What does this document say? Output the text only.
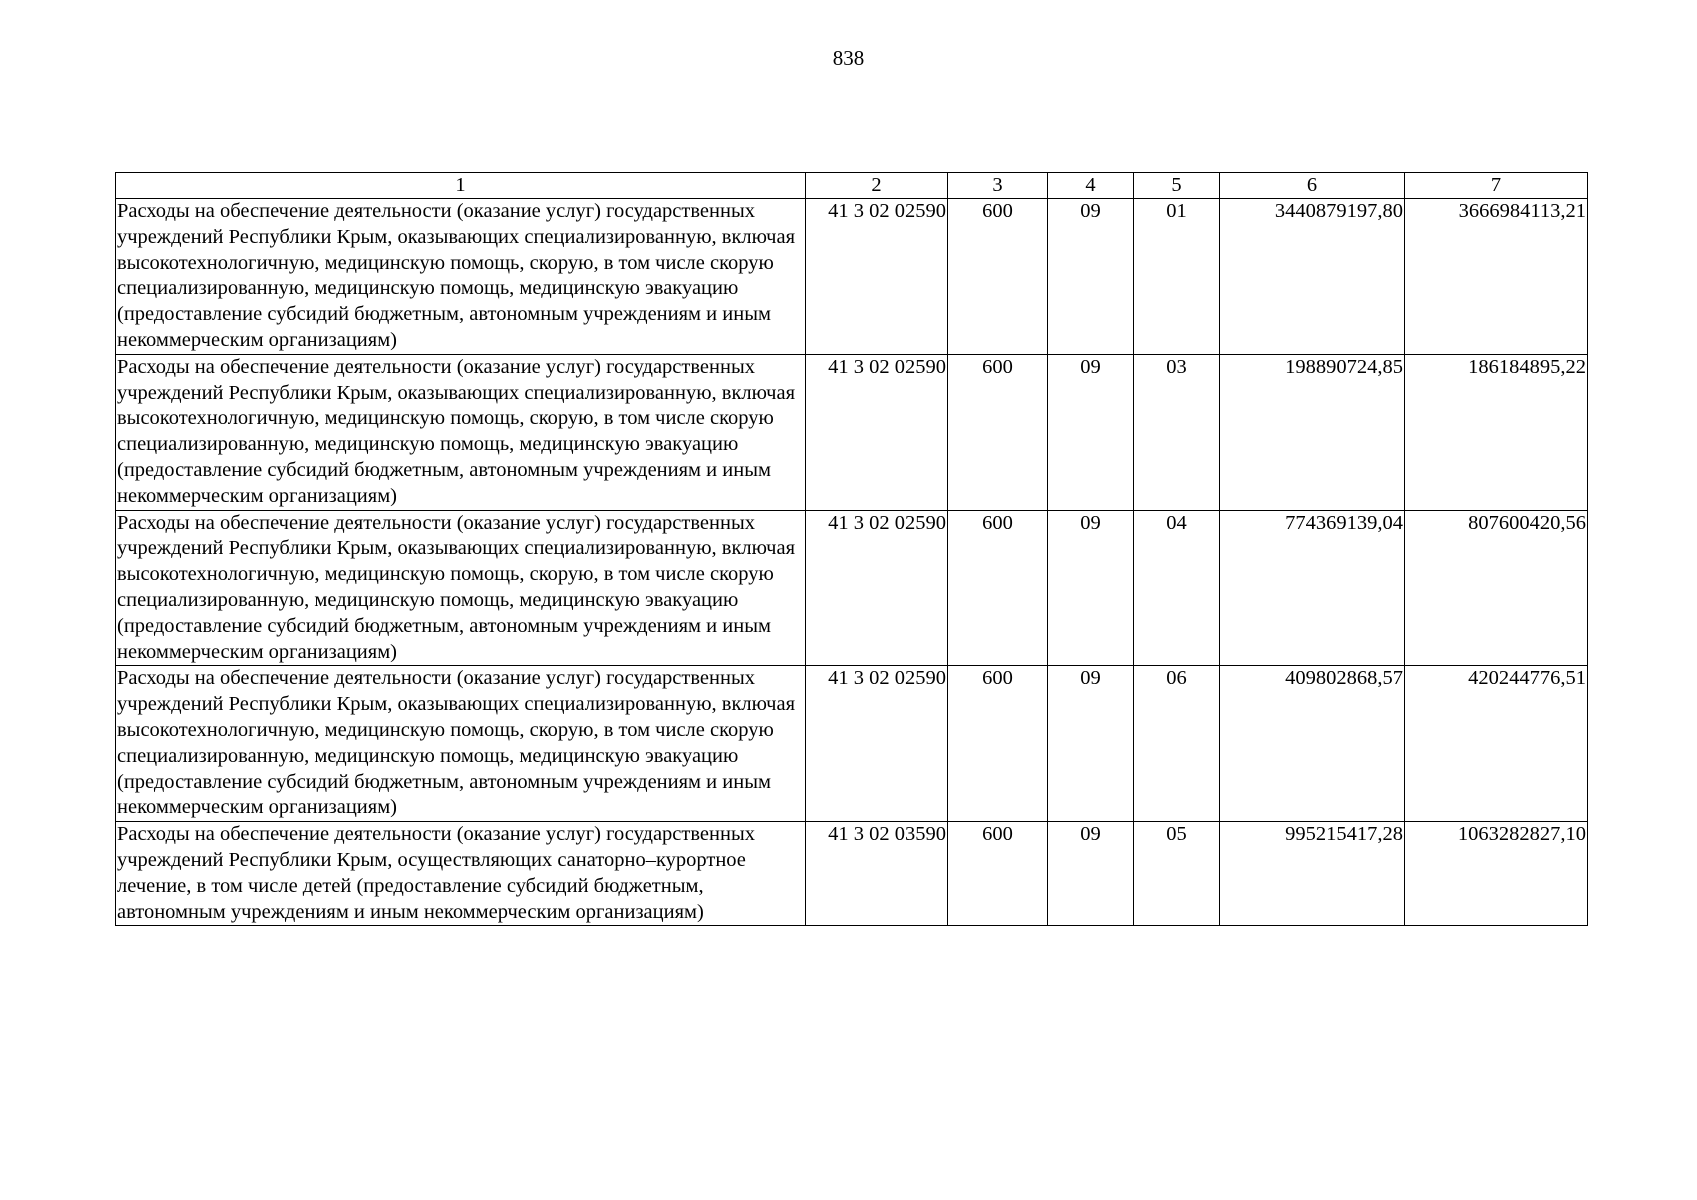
838
1	2	3	4	5	6	7
Расходы на обеспечение деятельности (оказание услуг) государственных учреждений Республики Крым, оказывающих специализированную, включая высокотехнологичную, медицинскую помощь, скорую, в том числе скорую специализированную, медицинскую помощь, медицинскую эвакуацию (предоставление субсидий бюджетным, автономным учреждениям и иным некоммерческим организациям)	41 3 02 02590	600	09	01	3440879197,80	3666984113,21
Расходы на обеспечение деятельности (оказание услуг) государственных учреждений Республики Крым, оказывающих специализированную, включая высокотехнологичную, медицинскую помощь, скорую, в том числе скорую специализированную, медицинскую помощь, медицинскую эвакуацию (предоставление субсидий бюджетным, автономным учреждениям и иным некоммерческим организациям)	41 3 02 02590	600	09	03	198890724,85	186184895,22
Расходы на обеспечение деятельности (оказание услуг) государственных учреждений Республики Крым, оказывающих специализированную, включая высокотехнологичную, медицинскую помощь, скорую, в том числе скорую специализированную, медицинскую помощь, медицинскую эвакуацию (предоставление субсидий бюджетным, автономным учреждениям и иным некоммерческим организациям)	41 3 02 02590	600	09	04	774369139,04	807600420,56
Расходы на обеспечение деятельности (оказание услуг) государственных учреждений Республики Крым, оказывающих специализированную, включая высокотехнологичную, медицинскую помощь, скорую, в том числе скорую специализированную, медицинскую помощь, медицинскую эвакуацию (предоставление субсидий бюджетным, автономным учреждениям и иным некоммерческим организациям)	41 3 02 02590	600	09	06	409802868,57	420244776,51
Расходы на обеспечение деятельности (оказание услуг) государственных учреждений Республики Крым, осуществляющих санаторно–курортное лечение, в том числе детей (предоставление субсидий бюджетным, автономным учреждениям и иным некоммерческим организациям)	41 3 02 03590	600	09	05	995215417,28	1063282827,10
